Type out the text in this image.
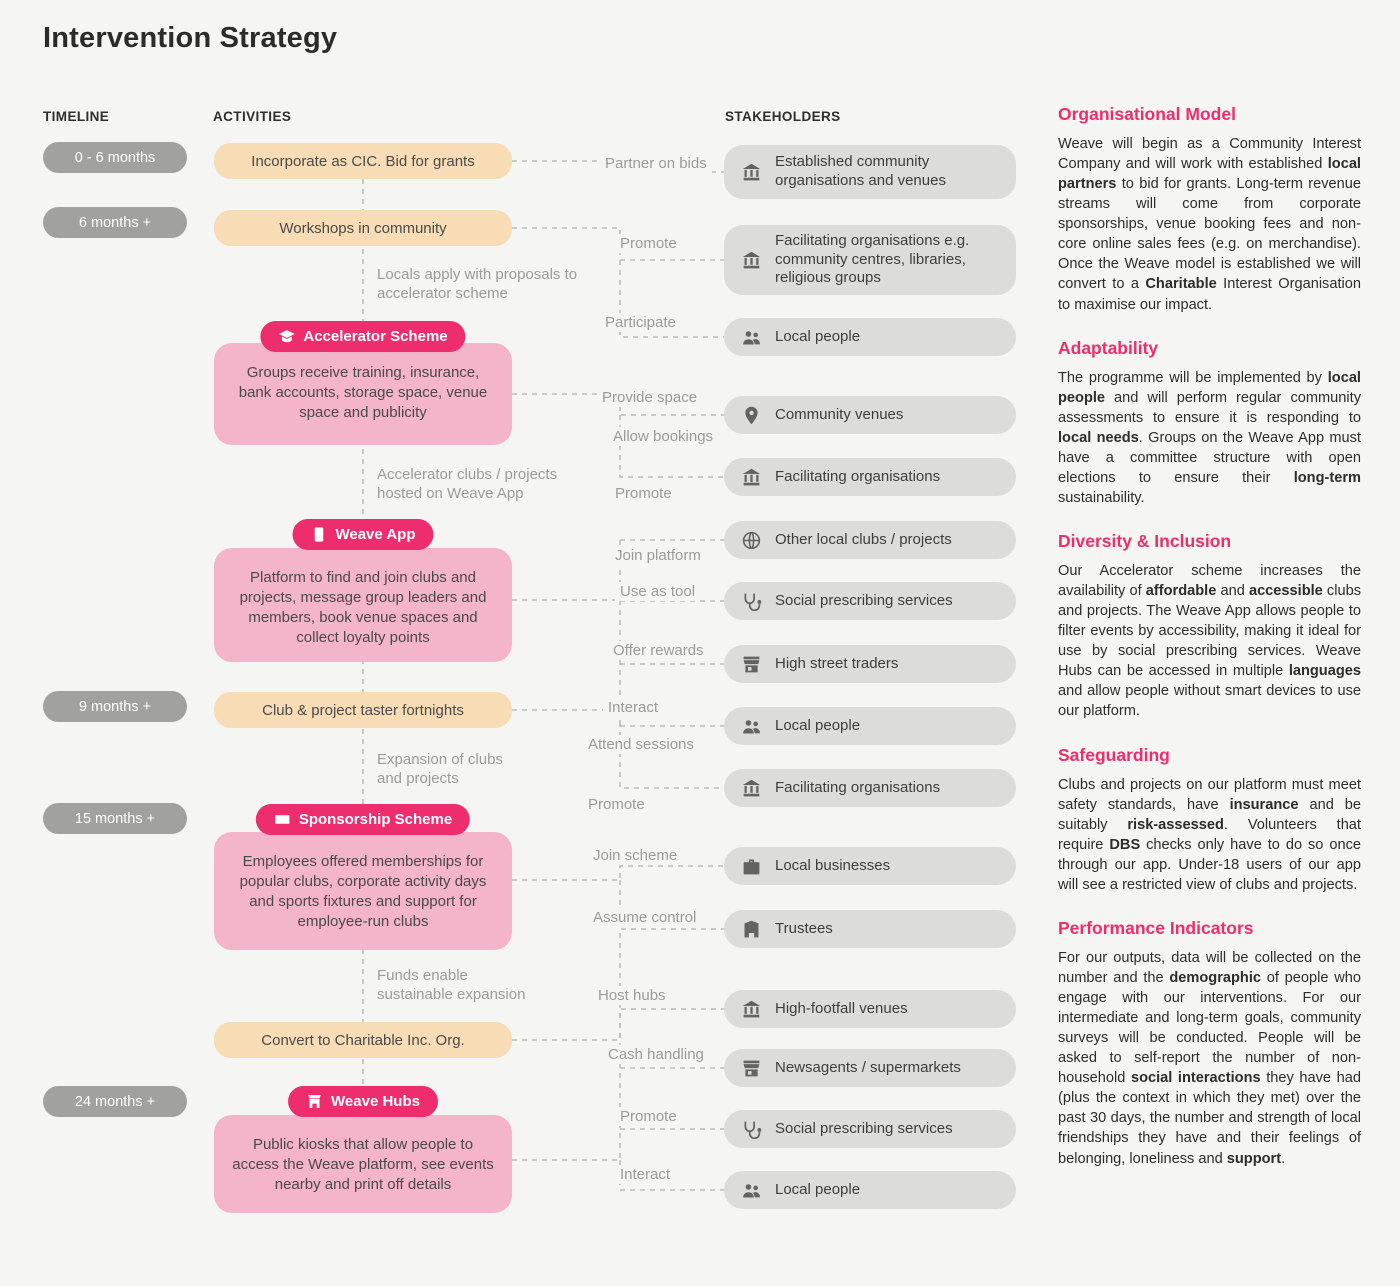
Intervention Strategy
TIMELINE	ACTIVITIES	STAKEHOLDERS
0 - 6 months
6 months +
9 months +
15 months +
24 months +
Incorporate as CIC. Bid for grants
Workshops in community
Club & project taster fortnights
Convert to Charitable Inc. Org.
Locals apply with proposals to accelerator scheme
Accelerator clubs / projects hosted on Weave App
Expansion of clubs and projects
Funds enable sustainable expansion
Groups receive training, insurance, bank accounts, storage space, venue space and publicity
Accelerator Scheme
Platform to find and join clubs and projects, message group leaders and members, book venue spaces and collect loyalty points
Weave App
Employees offered memberships for popular clubs, corporate activity days and sports fixtures and support for employee-run clubs
Sponsorship Scheme
Public kiosks that allow people to access the Weave platform, see events nearby and print off details
Weave Hubs
Partner on bids
Promote
Participate
Provide space
Allow bookings
Promote
Join platform
Use as tool
Offer rewards
Interact
Attend sessions
Promote
Join scheme
Assume control
Host hubs
Cash handling
Promote
Interact
Established community organisations and venues
Facilitating organisations e.g. community centres, libraries, religious groups
Local people
Community venues
Facilitating organisations
Other local clubs / projects
Social prescribing services
High street traders
Local people
Facilitating organisations
Local businesses
Trustees
High-footfall venues
Newsagents / supermarkets
Social prescribing services
Local people
Organisational Model

Weave will begin as a Community Interest Company and will work with established local partners to bid for grants. Long-term revenue streams will come from corporate sponsorships, venue booking fees and non-core online sales fees (e.g. on merchandise). Once the Weave model is established we will convert to a Charitable Interest Organisation to maximise our impact.

Adaptability

The programme will be implemented by local people and will perform regular community assessments to ensure it is responding to local needs. Groups on the Weave App must have a committee structure with open elections to ensure their long-term sustainability.

Diversity & Inclusion

Our Accelerator scheme increases the availability of affordable and accessible clubs and projects. The Weave App allows people to filter events by accessibility, making it ideal for use by social prescribing services. Weave Hubs can be accessed in multiple languages and allow people without smart devices to use our platform.

Safeguarding

Clubs and projects on our platform must meet safety standards, have insurance and be suitably risk-assessed. Volunteers that require DBS checks only have to do so once through our app. Under-18 users of our app will see a restricted view of clubs and projects.

Performance Indicators

For our outputs, data will be collected on the number and the demographic of people who engage with our interventions. For our intermediate and long-term goals, community surveys will be conducted. People will be asked to self-report the number of non-household social interactions they have had (plus the context in which they met) over the past 30 days, the number and strength of local friendships they have and their feelings of belonging, loneliness and support.
